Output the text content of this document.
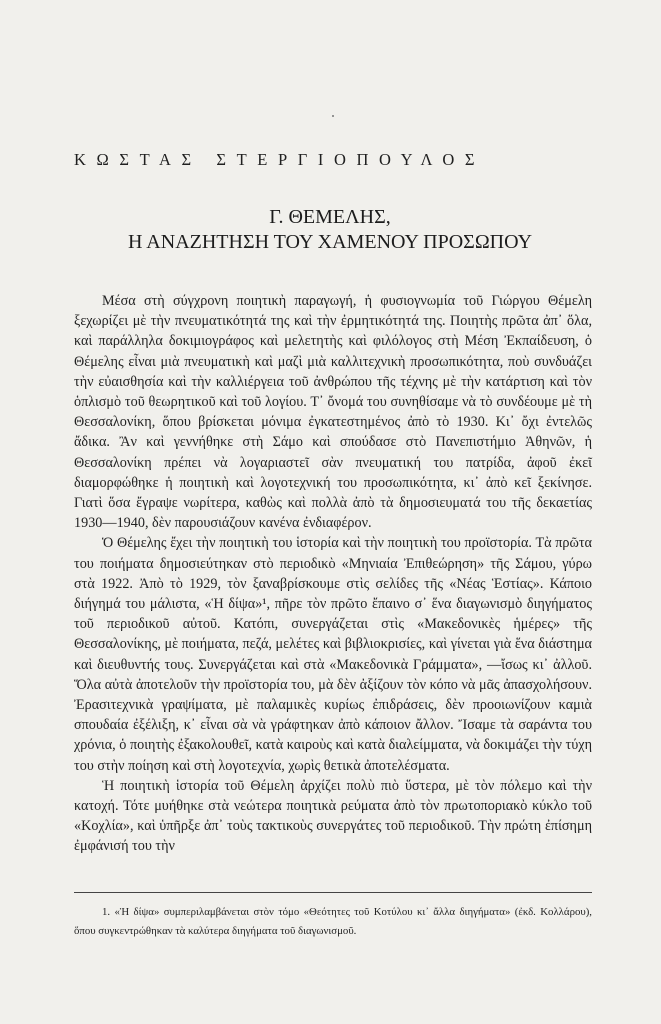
ΚΩΣΤΑΣ ΣΤΕΡΓΙΟΠΟΥΛΟΣ
Γ. ΘΕΜΕΛΗΣ,
Η ΑΝΑΖΗΤΗΣΗ ΤΟΥ ΧΑΜΕΝΟΥ ΠΡΟΣΩΠΟΥ

Μέσα στὴ σύγχρονη ποιητικὴ παραγωγή, ἡ φυσιογνωμία τοῦ Γιώργου Θέμελη ξεχωρίζει μὲ τὴν πνευματικότητά της καὶ τὴν ἐρμητικότητά της. Ποιητὴς πρῶτα ἀπ᾽ ὅλα, καὶ παράλληλα δοκιμιογράφος καὶ μελετητὴς καὶ φιλόλογος στὴ Μέση Ἐκπαίδευση, ὁ Θέμελης εἶναι μιὰ πνευματικὴ καὶ μαζὶ μιὰ καλλιτεχνικὴ προσωπικότητα, ποὺ συνδυάζει τὴν εὐαισθησία καὶ τὴν καλλιέργεια τοῦ ἀνθρώπου τῆς τέχνης μὲ τὴν κατάρτιση καὶ τὸν ὁπλισμὸ τοῦ θεωρητικοῦ καὶ τοῦ λογίου. Τ᾽ ὄνομά του συνηθίσαμε νὰ τὸ συνδέουμε μὲ τὴ Θεσσαλονίκη, ὅπου βρίσκεται μόνιμα ἐγκατεστημένος ἀπὸ τὸ 1930. Κι᾽ ὄχι ἐντελῶς ἄδικα. Ἂν καὶ γεννήθηκε στὴ Σάμο καὶ σπούδασε στὸ Πανεπιστήμιο Ἀθηνῶν, ἡ Θεσσαλονίκη πρέπει νὰ λογαριαστεῖ σὰν πνευματική του πατρίδα, ἀφοῦ ἐκεῖ διαμορφώθηκε ἡ ποιητικὴ καὶ λογοτεχνική του προσωπικότητα, κι᾽ ἀπὸ κεῖ ξεκίνησε. Γιατὶ ὅσα ἔγραψε νωρίτερα, καθὼς καὶ πολλὰ ἀπὸ τὰ δημοσιευματά του τῆς δεκαετίας 1930—1940, δὲν παρουσιάζουν κανένα ἐνδιαφέρον.

Ὁ Θέμελης ἔχει τὴν ποιητικὴ του ἱστορία καὶ τὴν ποιητικὴ του προϊστορία. Τὰ πρῶτα του ποιήματα δημοσιεύτηκαν στὸ περιοδικὸ «Μηνιαία Ἐπιθεώρηση» τῆς Σάμου, γύρω στὰ 1922. Ἀπὸ τὸ 1929, τὸν ξαναβρίσκουμε στὶς σελίδες τῆς «Νέας Ἑστίας». Κάποιο διήγημά του μάλιστα, «Ἡ δίψα»¹, πῆρε τὸν πρῶτο ἔπαινο σ᾽ ἕνα διαγωνισμὸ διηγήματος τοῦ περιοδικοῦ αὐτοῦ. Κατόπι, συνεργάζεται στὶς «Μακεδονικὲς ἡμέρες» τῆς Θεσσαλονίκης, μὲ ποιήματα, πεζά, μελέτες καὶ βιβλιοκρισίες, καὶ γίνεται γιὰ ἕνα διάστημα καὶ διευθυντής τους. Συνεργάζεται καὶ στὰ «Μακεδονικὰ Γράμματα», —ἴσως κι᾽ ἀλλοῦ. Ὅλα αὐτὰ ἀποτελοῦν τὴν προϊστορία του, μὰ δὲν ἀξίζουν τὸν κόπο νὰ μᾶς ἀπασχολήσουν. Ἐρασιτεχνικὰ γραψίματα, μὲ παλαμικὲς κυρίως ἐπιδράσεις, δὲν προοιωνίζουν καμιὰ σπουδαία ἐξέλιξη, κ᾽ εἶναι σὰ νὰ γράφτηκαν ἀπὸ κάποιον ἄλλον. Ἴσαμε τὰ σαράντα του χρόνια, ὁ ποιητὴς ἐξακολουθεῖ, κατὰ καιροὺς καὶ κατὰ διαλείμματα, νὰ δοκιμάζει τὴν τύχη του στὴν ποίηση καὶ στὴ λογοτεχνία, χωρὶς θετικὰ ἀποτελέσματα.

Ἡ ποιητικὴ ἱστορία τοῦ Θέμελη ἀρχίζει πολὺ πιὸ ὕστερα, μὲ τὸν πόλεμο καὶ τὴν κατοχή. Τότε μυήθηκε στὰ νεώτερα ποιητικὰ ρεύματα ἀπὸ τὸν πρωτοποριακὸ κύκλο τοῦ «Κοχλία», καὶ ὑπῆρξε ἀπ᾽ τοὺς τακτικοὺς συνεργάτες τοῦ περιοδικοῦ. Τὴν πρώτη ἐπίσημη ἐμφάνισή του τὴν

1. «Ἡ δίψα» συμπεριλαμβάνεται στὸν τόμο «Θεότητες τοῦ Κοτύλου κι᾽ ἄλλα διηγήματα» (ἐκδ. Κολλάρου), ὅπου συγκεντρώθηκαν τὰ καλύτερα διηγήματα τοῦ διαγωνισμοῦ.
